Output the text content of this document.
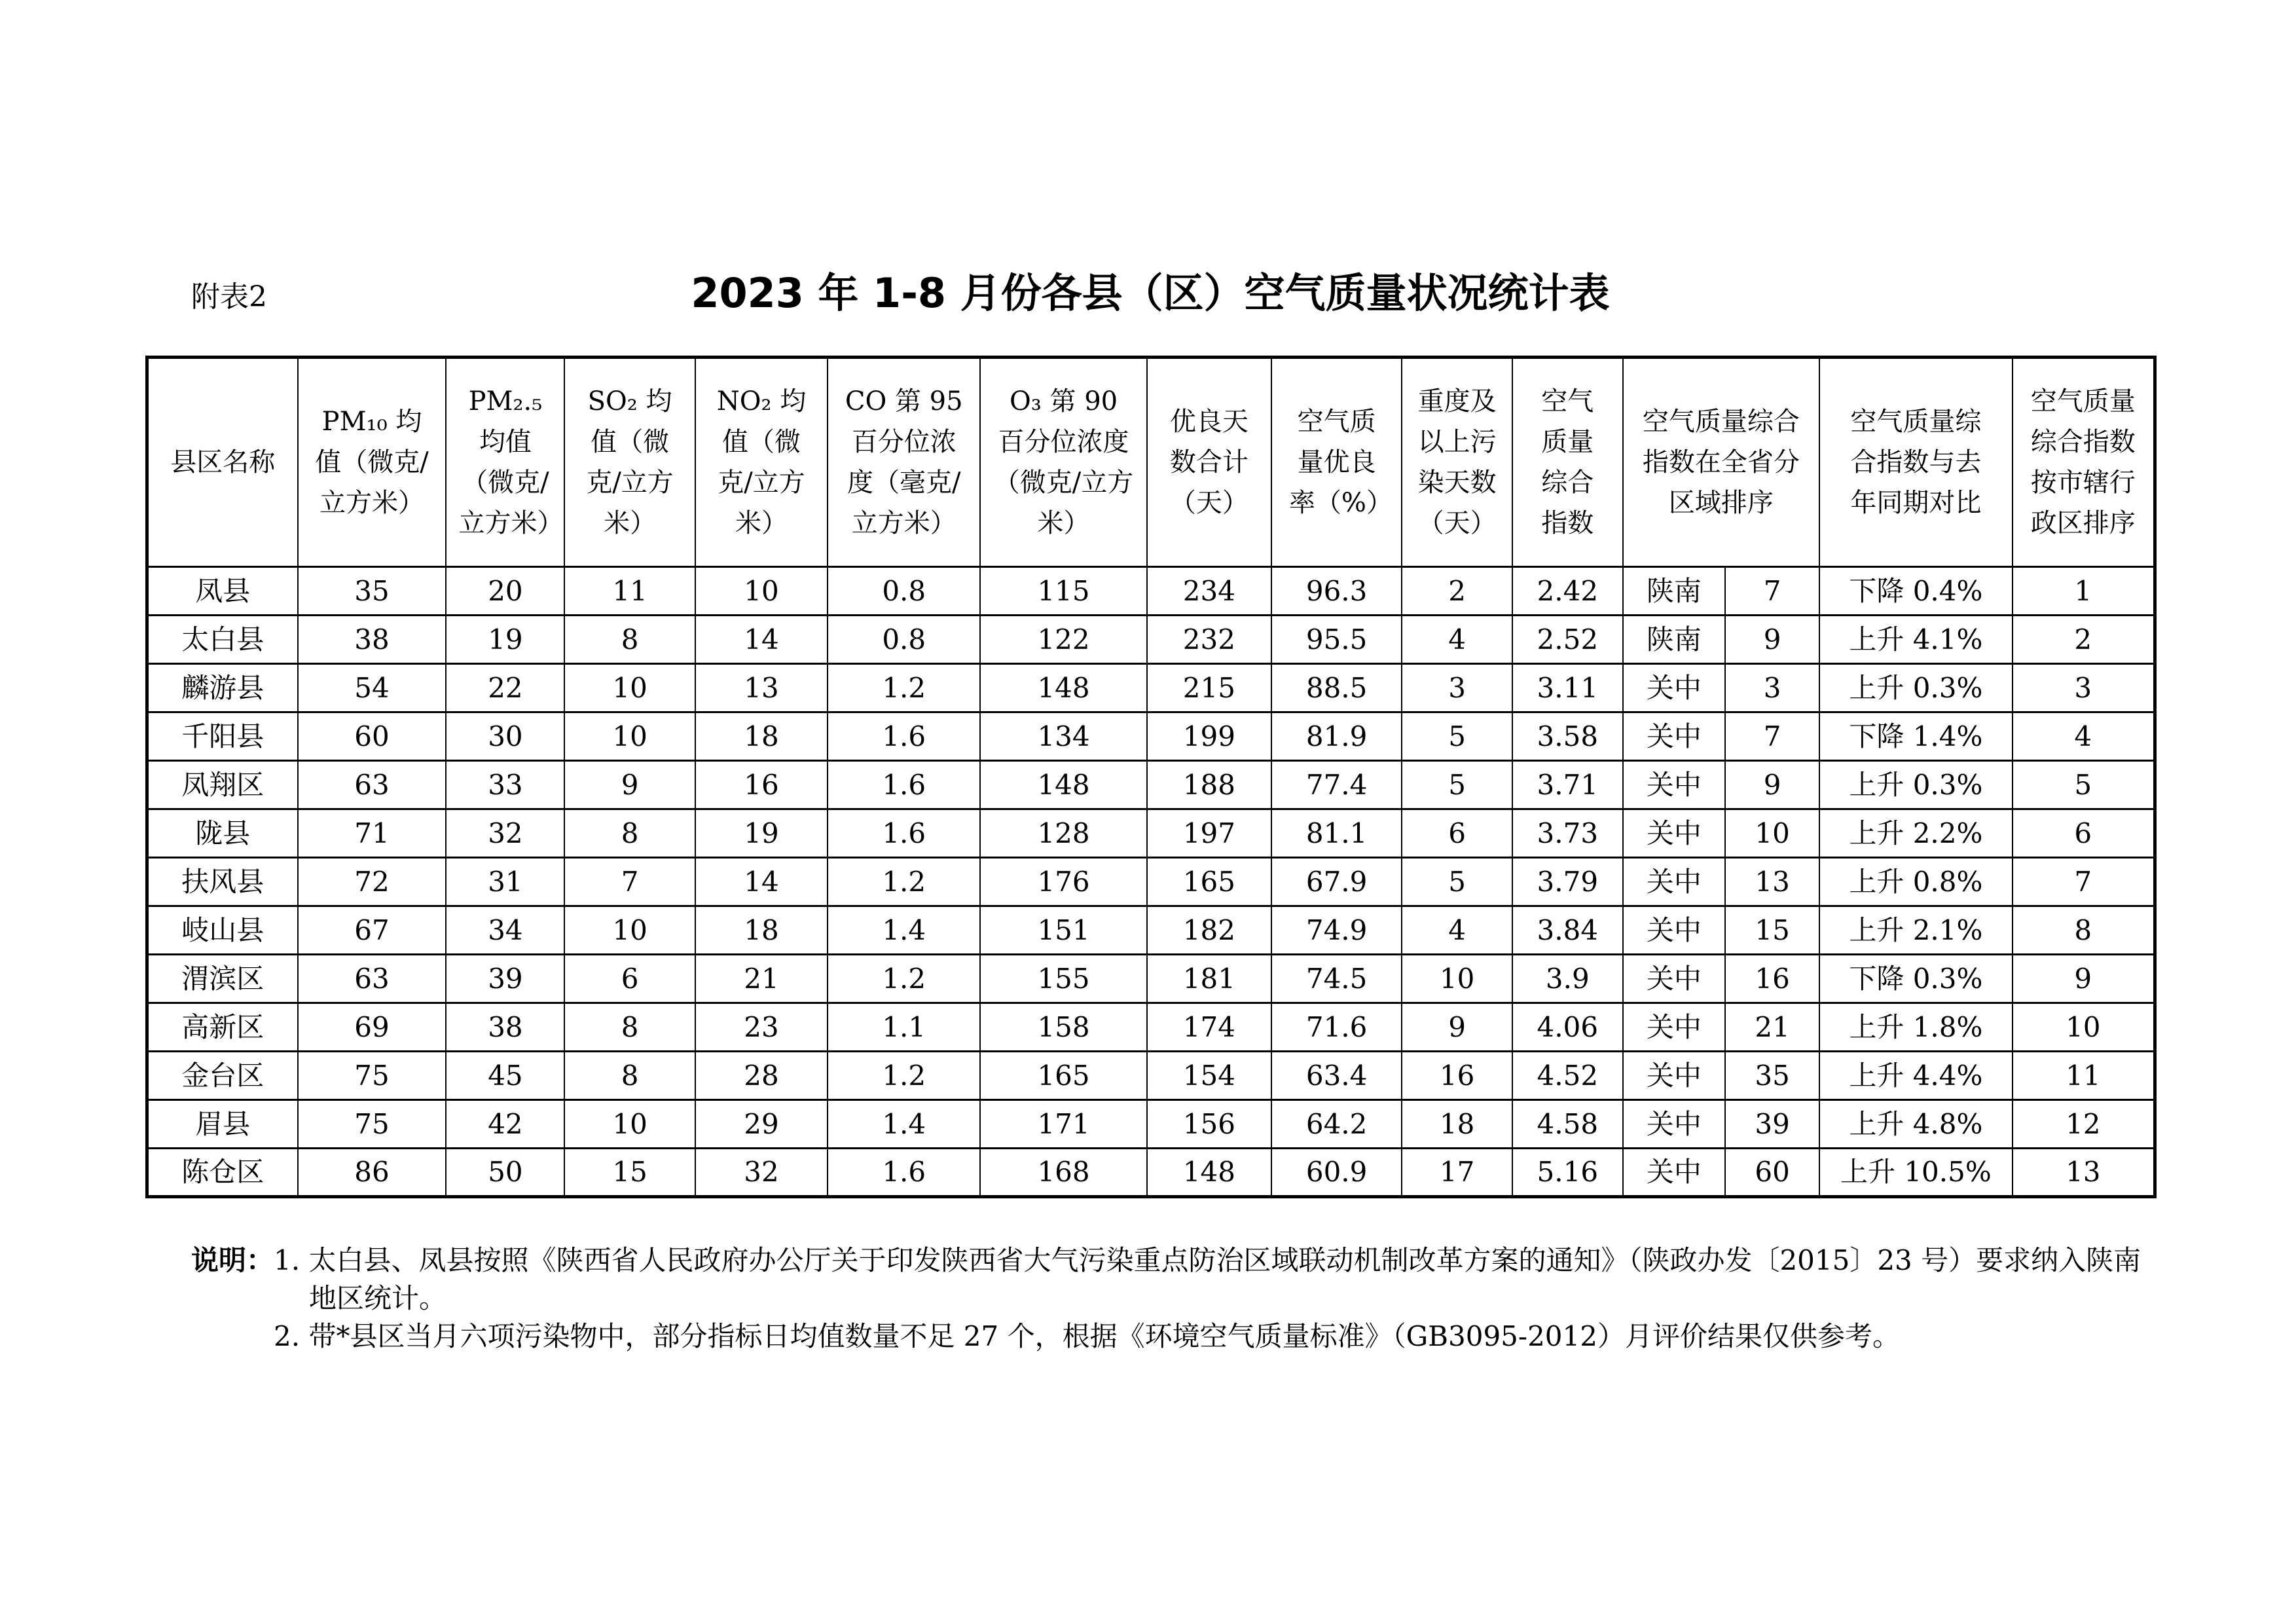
附表2	2023 年 1-8 月份各县（区）空气质量状况统计表
县区名称	PM₁₀ 均值（微克/立方米）	PM₂.₅ 均值（微克/立方米）	SO₂ 均值（微克/立方米）	NO₂ 均值（微克/立方米）	CO 第 95 百分位浓度（毫克/立方米）	O₃ 第 90 百分位浓度（微克/立方米）	优良天数合计（天）	空气质量优良率（%）	重度及以上污染天数（天）	空气质量综合指数	空气质量综合指数在全省分区域排序		空气质量综合指数与去年同期对比	空气质量综合指数按市辖行政区排序
凤县	35	20	11	10	0.8	115	234	96.3	2	2.42	陕南	7	下降 0.4%	1
太白县	38	19	8	14	0.8	122	232	95.5	4	2.52	陕南	9	上升 4.1%	2
麟游县	54	22	10	13	1.2	148	215	88.5	3	3.11	关中	3	上升 0.3%	3
千阳县	60	30	10	18	1.6	134	199	81.9	5	3.58	关中	7	下降 1.4%	4
凤翔区	63	33	9	16	1.6	148	188	77.4	5	3.71	关中	9	上升 0.3%	5
陇县	71	32	8	19	1.6	128	197	81.1	6	3.73	关中	10	上升 2.2%	6
扶风县	72	31	7	14	1.2	176	165	67.9	5	3.79	关中	13	上升 0.8%	7
岐山县	67	34	10	18	1.4	151	182	74.9	4	3.84	关中	15	上升 2.1%	8
渭滨区	63	39	6	21	1.2	155	181	74.5	10	3.9	关中	16	下降 0.3%	9
高新区	69	38	8	23	1.1	158	174	71.6	9	4.06	关中	21	上升 1.8%	10
金台区	75	45	8	28	1.2	165	154	63.4	16	4.52	关中	35	上升 4.4%	11
眉县	75	42	10	29	1.4	171	156	64.2	18	4.58	关中	39	上升 4.8%	12
陈仓区	86	50	15	32	1.6	168	148	60.9	17	5.16	关中	60	上升 10.5%	13
说明： 1. 太白县、凤县按照《陕西省人民政府办公厅关于印发陕西省大气污染重点防治区域联动机制改革方案的通知》（陕政办发〔2015〕23 号）要求纳入陕南地区统计。

2. 带*县区当月六项污染物中，部分指标日均值数量不足 27 个，根据《环境空气质量标准》（GB3095-2012）月评价结果仅供参考。
